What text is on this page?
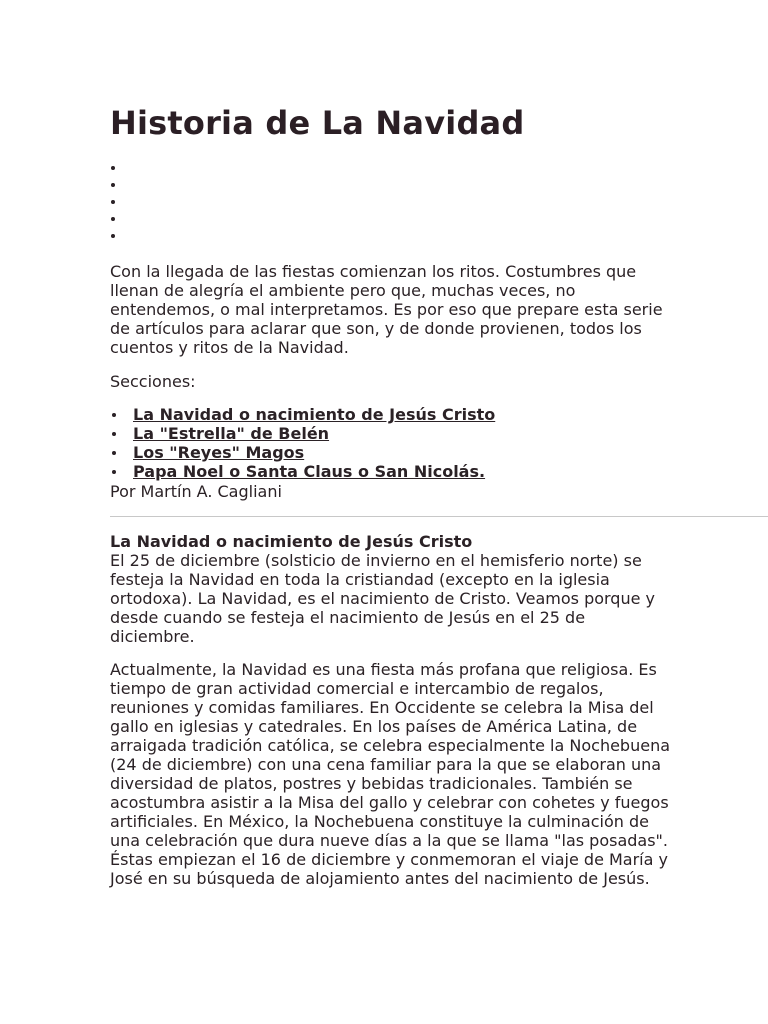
Historia de La Navidad

Con la llegada de las fiestas comienzan los ritos. Costumbres que llenan de alegría el ambiente pero que, muchas veces, no entendemos, o mal interpretamos. Es por eso que prepare esta serie de artículos para aclarar que son, y de donde provienen, todos los cuentos y ritos de la Navidad.

Secciones:

La Navidad o nacimiento de Jesús Cristo
La "Estrella" de Belén
Los "Reyes" Magos
Papa Noel o Santa Claus o San Nicolás.

Por Martín A. Cagliani

La Navidad o nacimiento de Jesús Cristo

El 25 de diciembre (solsticio de invierno en el hemisferio norte) se festeja la Navidad en toda la cristiandad (excepto en la iglesia ortodoxa). La Navidad, es el nacimiento de Cristo. Veamos porque y desde cuando se festeja el nacimiento de Jesús en el 25 de diciembre.

Actualmente, la Navidad es una fiesta más profana que religiosa. Es tiempo de gran actividad comercial e intercambio de regalos, reuniones y comidas familiares. En Occidente se celebra la Misa del gallo en iglesias y catedrales. En los países de América Latina, de arraigada tradición católica, se celebra especialmente la Nochebuena (24 de diciembre) con una cena familiar para la que se elaboran una diversidad de platos, postres y bebidas tradicionales. También se acostumbra asistir a la Misa del gallo y celebrar con cohetes y fuegos artificiales. En México, la Nochebuena constituye la culminación de una celebración que dura nueve días a la que se llama "las posadas". Éstas empiezan el 16 de diciembre y conmemoran el viaje de María y José en su búsqueda de alojamiento antes del nacimiento de Jesús.
